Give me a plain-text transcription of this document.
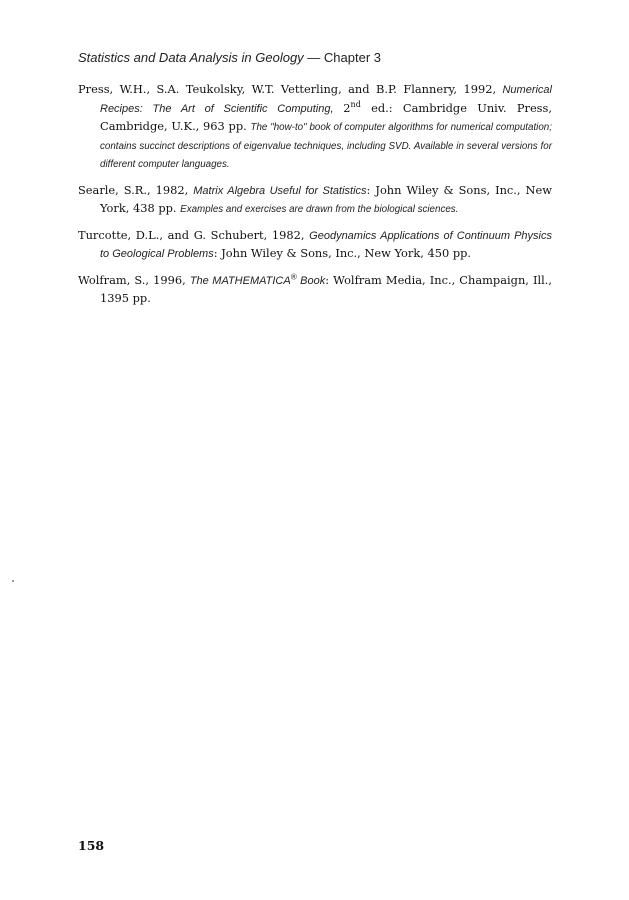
Statistics and Data Analysis in Geology — Chapter 3

Press, W.H., S.A. Teukolsky, W.T. Vetterling, and B.P. Flannery, 1992, Numerical Recipes: The Art of Scientific Computing, 2nd ed.: Cambridge Univ. Press, Cambridge, U.K., 963 pp. The "how-to" book of computer algorithms for numerical computation; contains succinct descriptions of eigenvalue techniques, including SVD. Available in several versions for different computer languages.

Searle, S.R., 1982, Matrix Algebra Useful for Statistics: John Wiley & Sons, Inc., New York, 438 pp. Examples and exercises are drawn from the biological sciences.

Turcotte, D.L., and G. Schubert, 1982, Geodynamics Applications of Continuum Physics to Geological Problems: John Wiley & Sons, Inc., New York, 450 pp.

Wolfram, S., 1996, The MATHEMATICA® Book: Wolfram Media, Inc., Champaign, Ill., 1395 pp.

158
